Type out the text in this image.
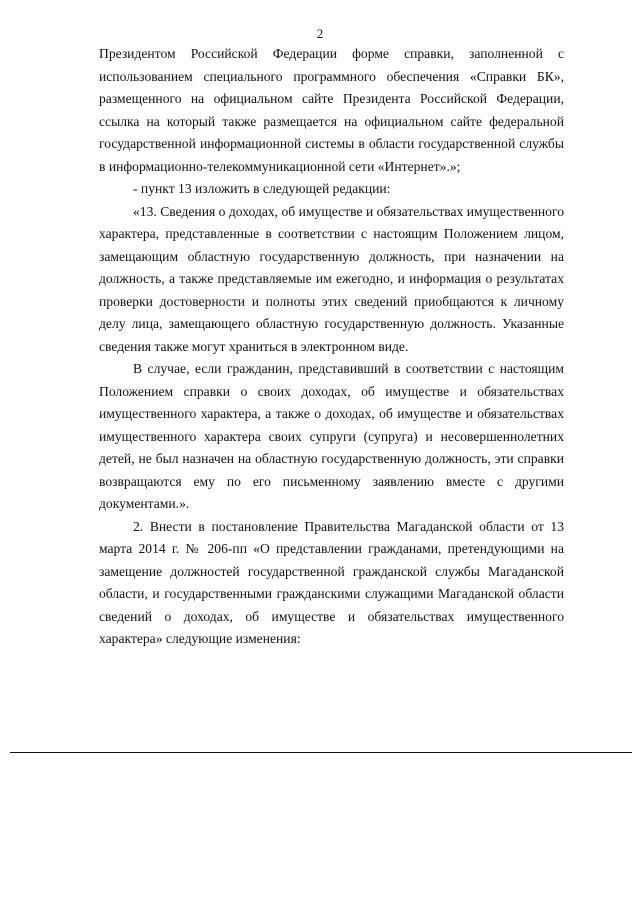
2

Президентом Российской Федерации форме справки, заполненной с использованием специального программного обеспечения «Справки БК», размещенного на официальном сайте Президента Российской Федерации, ссылка на который также размещается на официальном сайте федеральной государственной информационной системы в области государственной службы в информационно-телекоммуникационной сети «Интернет».»;

- пункт 13 изложить в следующей редакции:

«13. Сведения о доходах, об имуществе и обязательствах имущественного характера, представленные в соответствии с настоящим Положением лицом, замещающим областную государственную должность, при назначении на должность, а также представляемые им ежегодно, и информация о результатах проверки достоверности и полноты этих сведений приобщаются к личному делу лица, замещающего областную государственную должность. Указанные сведения также могут храниться в электронном виде.

В случае, если гражданин, представивший в соответствии с настоящим Положением справки о своих доходах, об имуществе и обязательствах имущественного характера, а также о доходах, об имуществе и обязательствах имущественного характера своих супруги (супруга) и несовершеннолетних детей, не был назначен на областную государственную должность, эти справки возвращаются ему по его письменному заявлению вместе с другими документами.».

2. Внести в постановление Правительства Магаданской области от 13 марта 2014 г. № 206-пп «О представлении гражданами, претендующими на замещение должностей государственной гражданской службы Магаданской области, и государственными гражданскими служащими Магаданской области сведений о доходах, об имуществе и обязательствах имущественного характера» следующие изменения:
